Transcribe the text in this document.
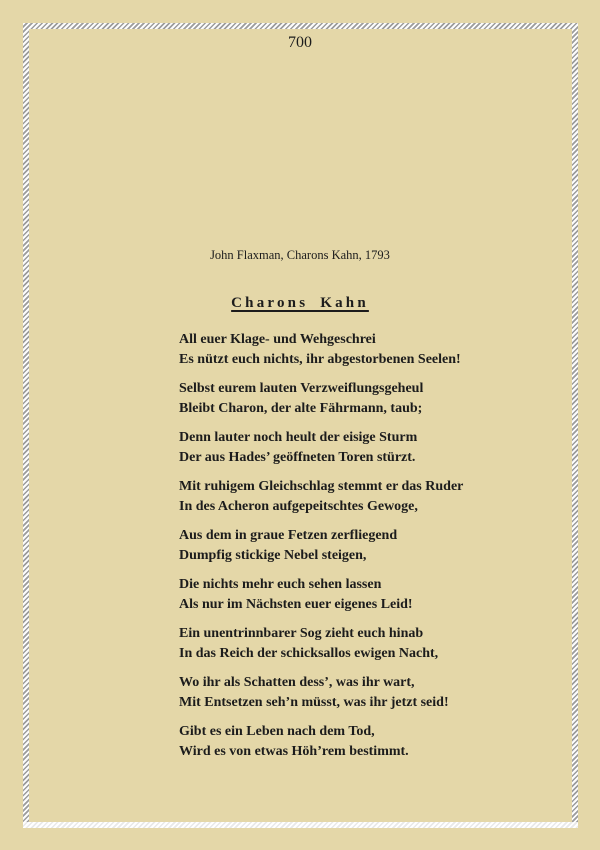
700
John Flaxman, Charons Kahn, 1793
Charons Kahn
All euer Klage- und Wehgeschrei
Es nützt euch nichts, ihr abgestorbenen Seelen!
Selbst eurem lauten Verzweiflungsgeheul
Bleibt Charon, der alte Fährmann, taub;
Denn lauter noch heult der eisige Sturm
Der aus Hades’ geöffneten Toren stürzt.
Mit ruhigem Gleichschlag stemmt er das Ruder
In des Acheron aufgepeitschtes Gewoge,
Aus dem in graue Fetzen zerfliegend
Dumpfig stickige Nebel steigen,
Die nichts mehr euch sehen lassen
Als nur im Nächsten euer eigenes Leid!
Ein unentrinnbarer Sog zieht euch hinab
In das Reich der schicksallos ewigen Nacht,
Wo ihr als Schatten dess’, was ihr wart,
Mit Entsetzen seh’n müsst, was ihr jetzt seid!
Gibt es ein Leben nach dem Tod,
Wird es von etwas Höh’rem bestimmt.
